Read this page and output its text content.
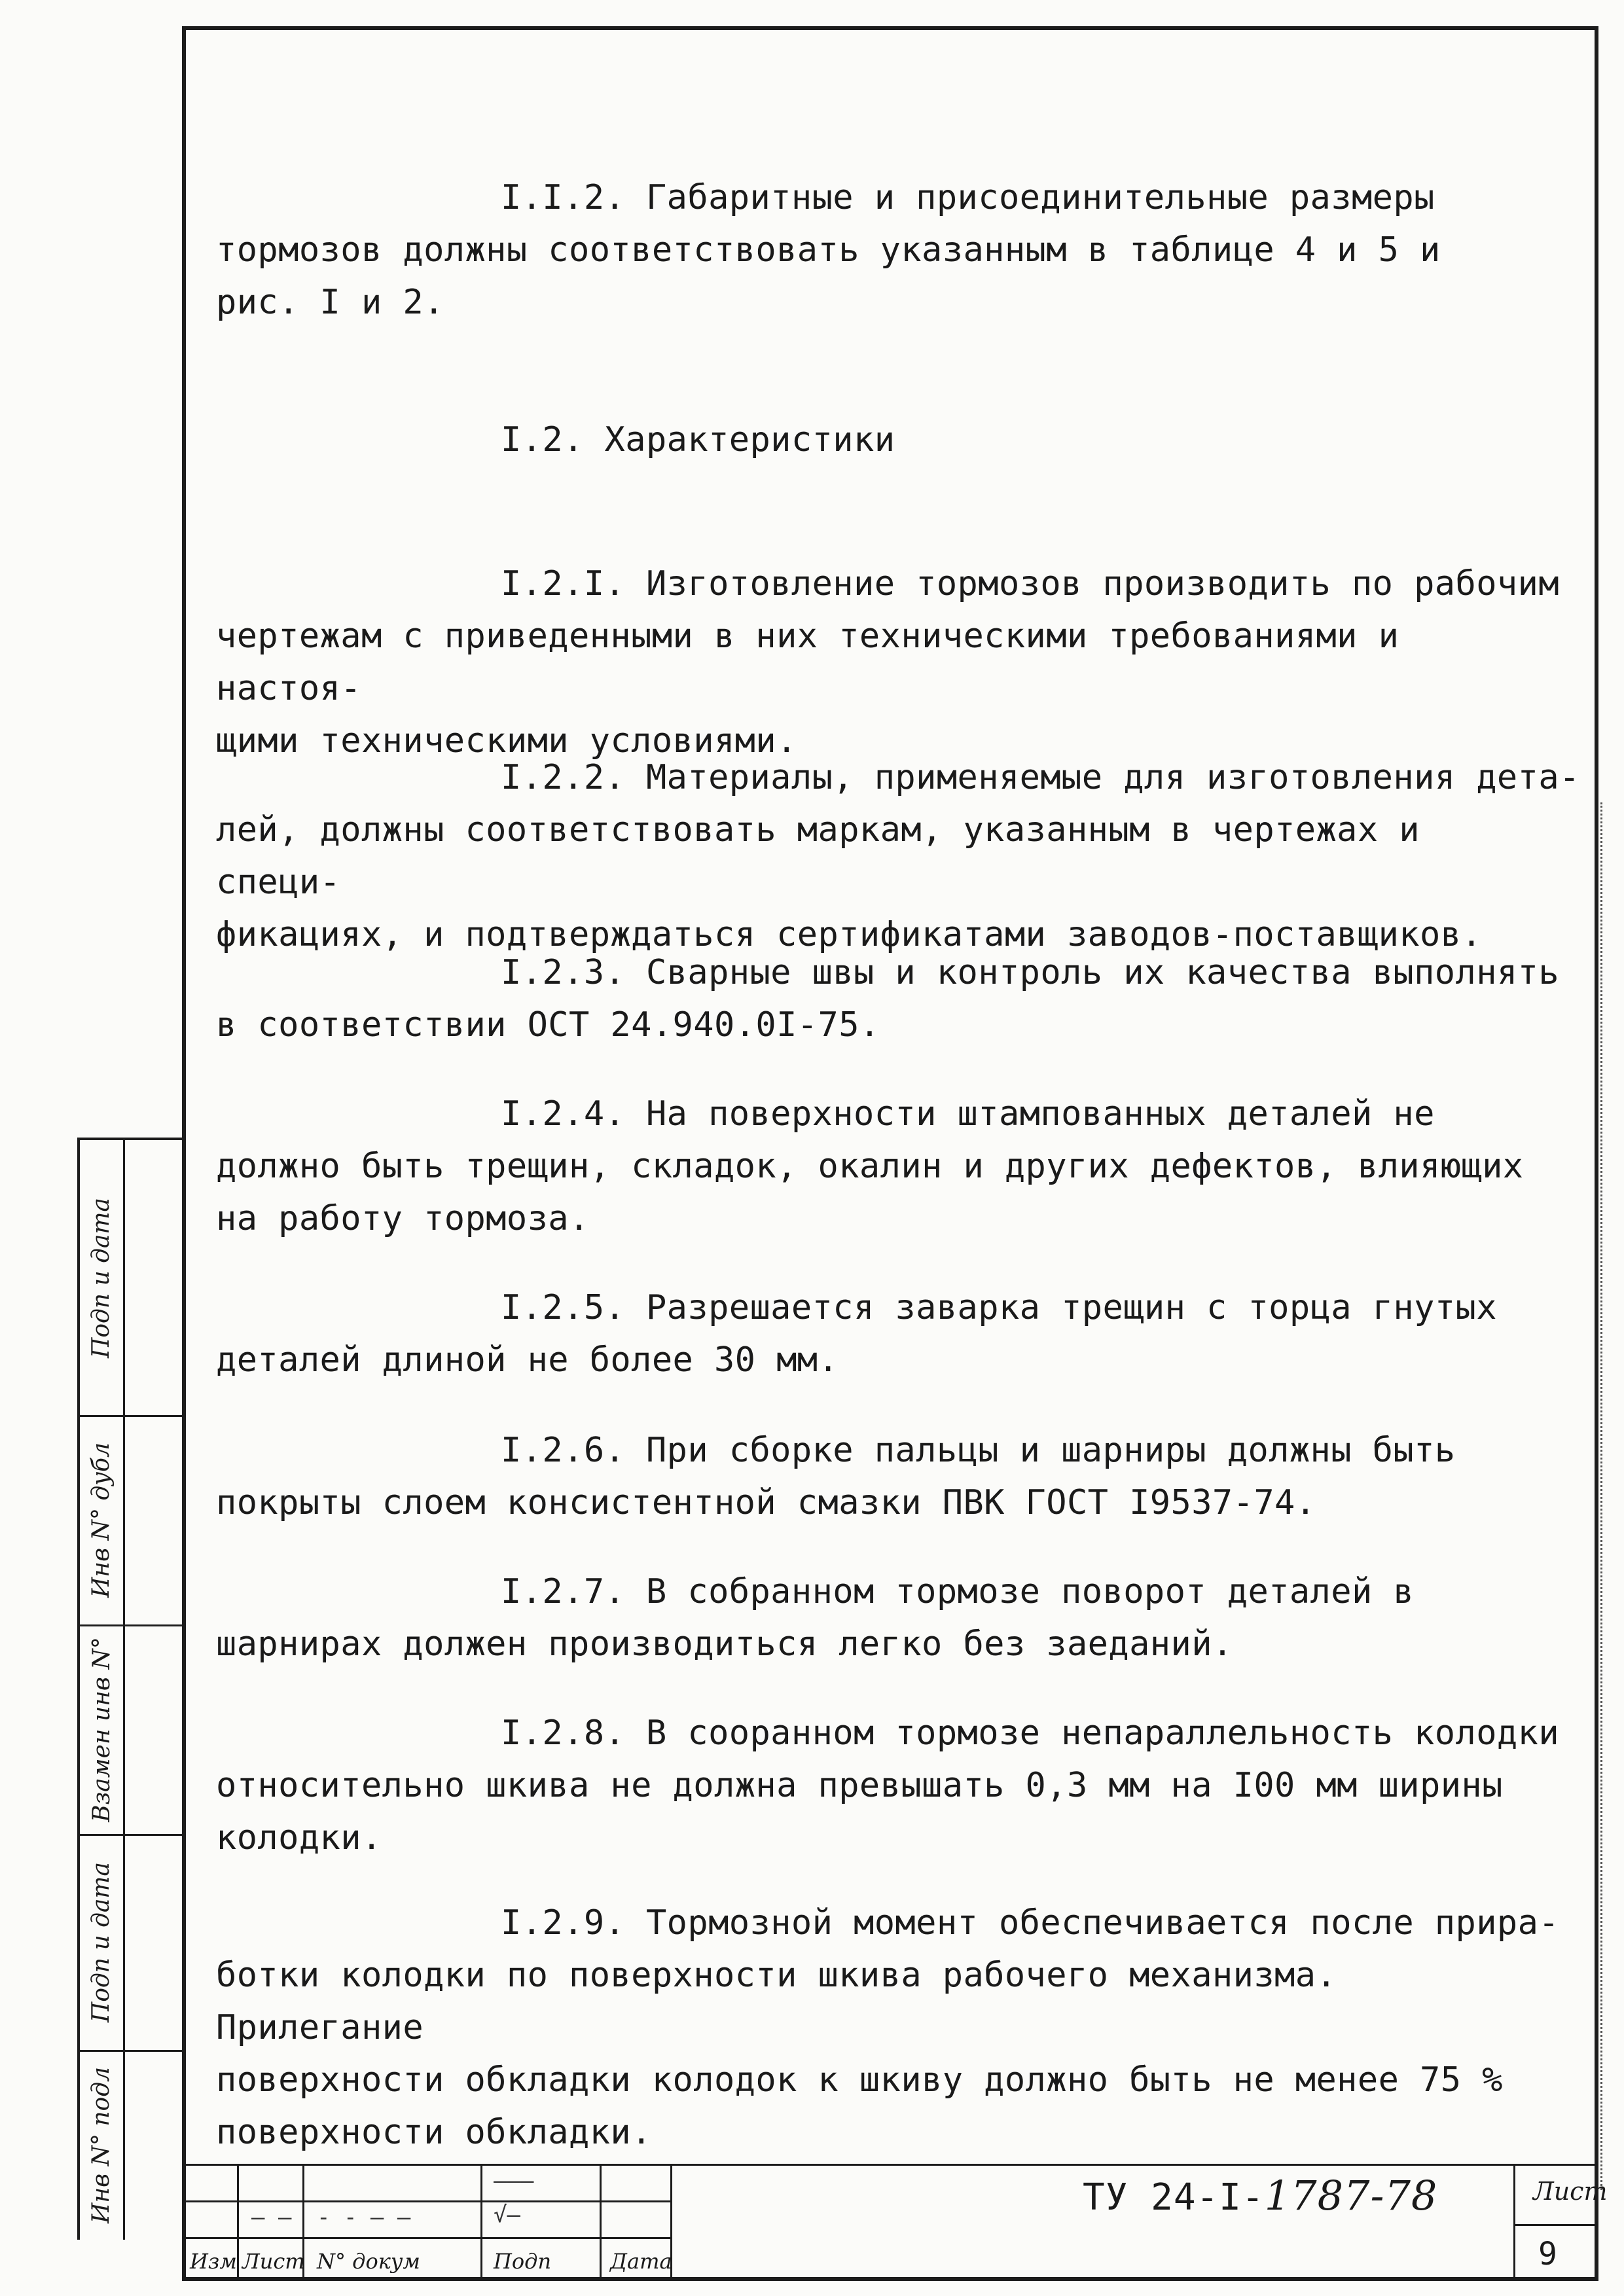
I.I.2. Габаритные и присоединительные размеры

тормозов должны соответствовать указанным в таблице 4 и 5 и
рис. I и 2.

I.2. Характеристики

I.2.I. Изготовление тормозов производить по рабочим

чертежам с приведенными в них техническими требованиями и настоя-
щими техническими условиями.

I.2.2. Материалы, применяемые для изготовления дета-

лей, должны соответствовать маркам, указанным в чертежах и специ-
фикациях, и подтверждаться сертификатами заводов-поставщиков.

I.2.3. Сварные швы и контроль их качества выполнять

в соответствии ОСТ 24.940.0I-75.

I.2.4. На поверхности штампованных деталей не

должно быть трещин, складок, окалин и других дефектов, влияющих
на работу тормоза.

I.2.5. Разрешается заварка трещин с торца гнутых

деталей длиной не более 30 мм.

I.2.6. При сборке пальцы и шарниры должны быть

покрыты слоем консистентной смазки ПВК ГОСТ I9537-74.

I.2.7. В собранном тормозе поворот деталей в

шарнирах должен производиться легко без заеданий.

I.2.8. В сооранном тормозе непараллельность колодки

относительно шкива не должна превышать 0,3 мм на I00 мм ширины
колодки.

I.2.9. Тормозной момент обеспечивается после прира-

ботки колодки по поверхности шкива рабочего механизма. Прилегание
поверхности обкладки колодок к шкиву должно быть не менее 75 %
поверхности обкладки.

Подп и дата
Инв N° дубл
Взамен инв N°
Подп и дата
Инв N° подл	— — - - — —	√—
———
Изм Лист N° докум	Подп	Дата
ТУ 24-I-1787-78	Лист
9
